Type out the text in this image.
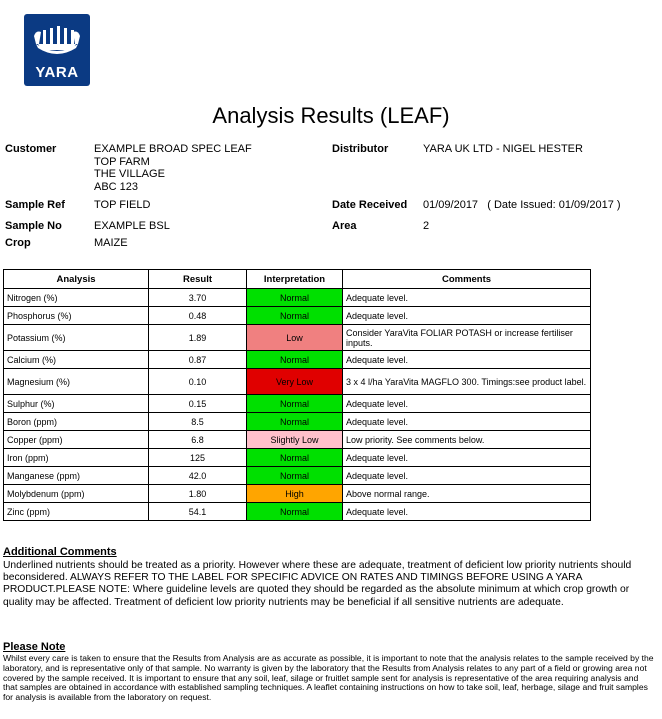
YARA
Analysis Results (LEAF)
Customer	EXAMPLE BROAD SPEC LEAF
TOP FARM
THE VILLAGE
ABC 123
Distributor	YARA UK LTD - NIGEL HESTER
Sample Ref	TOP FIELD	Date Received 01/09/2017   ( Date Issued: 01/09/2017 )
Sample No	EXAMPLE BSL	Area	2
Crop	MAIZE
Analysis	Result	Interpretation	Comments
Nitrogen (%)	3.70	Normal	Adequate level.
Phosphorus (%)	0.48	Normal	Adequate level.
Potassium (%)	1.89	Low	Consider YaraVita FOLIAR POTASH or increase fertiliser inputs.
Calcium (%)	0.87	Normal	Adequate level.
Magnesium (%)	0.10	Very Low	3 x 4 l/ha YaraVita MAGFLO 300. Timings:see product label.
Sulphur (%)	0.15	Normal	Adequate level.
Boron (ppm)	8.5	Normal	Adequate level.
Copper (ppm)	6.8	Slightly Low	Low priority. See comments below.
Iron (ppm)	125	Normal	Adequate level.
Manganese (ppm)	42.0	Normal	Adequate level.
Molybdenum (ppm)	1.80	High	Above normal range.
Zinc (ppm)	54.1	Normal	Adequate level.
Additional Comments
Underlined nutrients should be treated as a priority. However where these are adequate, treatment of deficient low priority nutrients should beconsidered. ALWAYS REFER TO THE LABEL FOR SPECIFIC ADVICE ON RATES AND TIMINGS BEFORE USING A YARA PRODUCT.PLEASE NOTE: Where guideline levels are quoted they should be regarded as the absolute minimum at which crop growth or quality may be affected. Treatment of deficient low priority nutrients may be beneficial if all sensitive nutrients are adequate.
Please Note
Whilst every care is taken to ensure that the Results from Analysis are as accurate as possible, it is important to note that the analysis relates to the sample received by the laboratory, and is representative only of that sample. No warranty is given by the laboratory that the Results from Analysis relates to any part of a field or growing area not covered by the sample received. It is important to ensure that any soil, leaf, silage or fruitlet sample sent for analysis is representative of the area requiring analysis and that samples are obtained in accordance with established sampling techniques. A leaflet containing instructions on how to take soil, leaf, herbage, silage and fruit samples for analysis is available from the laboratory on request.
